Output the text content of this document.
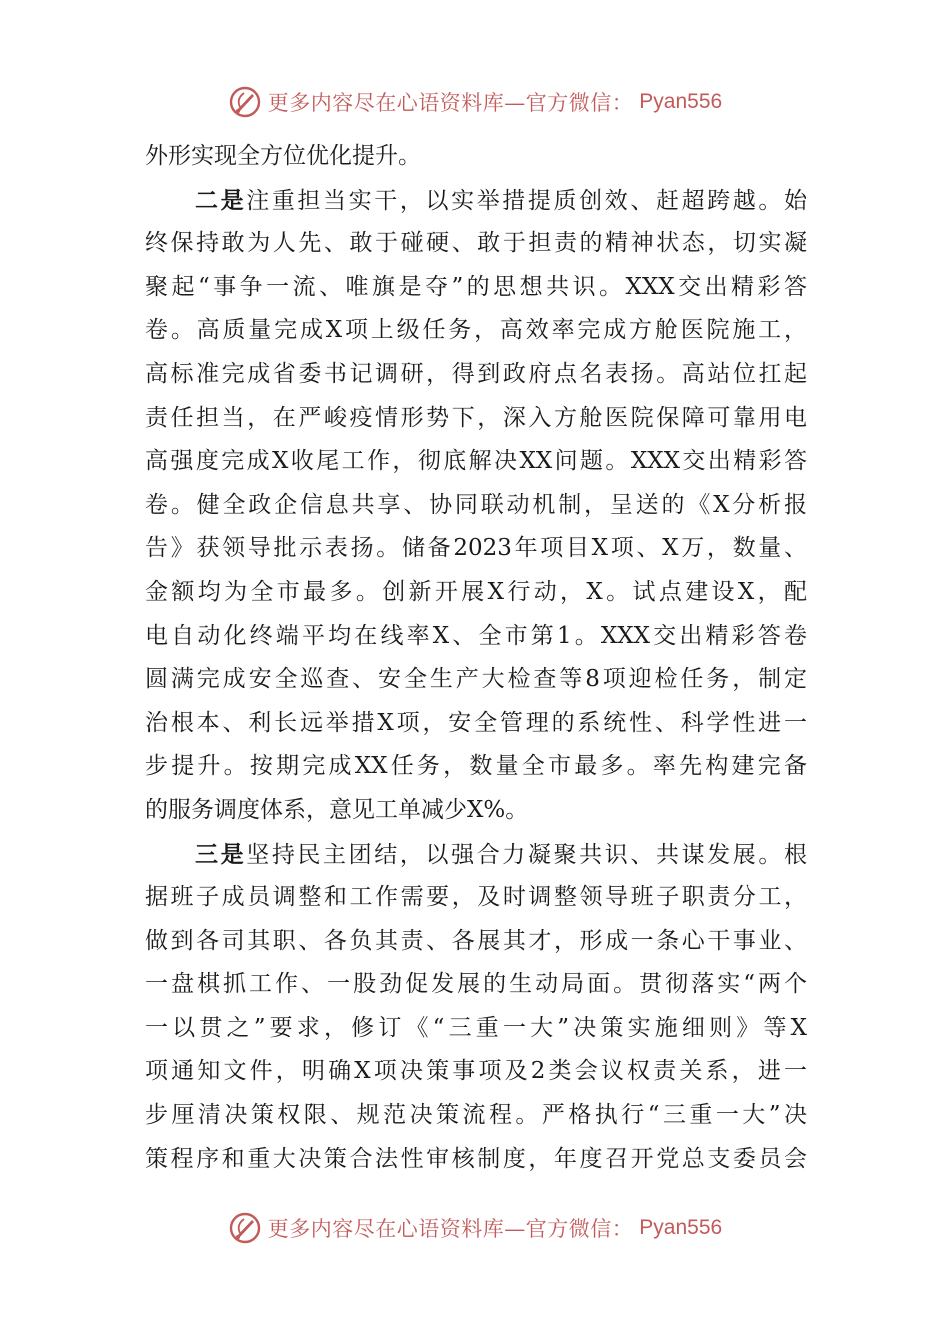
更多内容尽在心语资料库—官方微信： Pyan556
外形实现全方位优化提升。
二是注重担当实干，以实举措提质创效、赶超跨越。始
终保持敢为人先、敢于碰硬、敢于担责的精神状态，切实凝
聚起“事争一流、唯旗是夺”的思想共识。XXX交出精彩答
卷。高质量完成X项上级任务，高效率完成方舱医院施工，
高标准完成省委书记调研，得到政府点名表扬。高站位扛起
责任担当，在严峻疫情形势下，深入方舱医院保障可靠用电
高强度完成X收尾工作，彻底解决XX问题。XXX交出精彩答
卷。健全政企信息共享、协同联动机制，呈送的《X分析报
告》获领导批示表扬。储备2023年项目X项、X万，数量、
金额均为全市最多。创新开展X行动，X。试点建设X，配
电自动化终端平均在线率X、全市第1。XXX交出精彩答卷
圆满完成安全巡查、安全生产大检查等8项迎检任务，制定
治根本、利长远举措X项，安全管理的系统性、科学性进一
步提升。按期完成XX任务，数量全市最多。率先构建完备
的服务调度体系，意见工单减少X%。
三是坚持民主团结，以强合力凝聚共识、共谋发展。根
据班子成员调整和工作需要，及时调整领导班子职责分工，
做到各司其职、各负其责、各展其才，形成一条心干事业、
一盘棋抓工作、一股劲促发展的生动局面。贯彻落实“两个
一以贯之”要求，修订《“三重一大”决策实施细则》等X
项通知文件，明确X项决策事项及2类会议权责关系，进一
步厘清决策权限、规范决策流程。严格执行“三重一大”决
策程序和重大决策合法性审核制度，年度召开党总支委员会
更多内容尽在心语资料库—官方微信： Pyan556
